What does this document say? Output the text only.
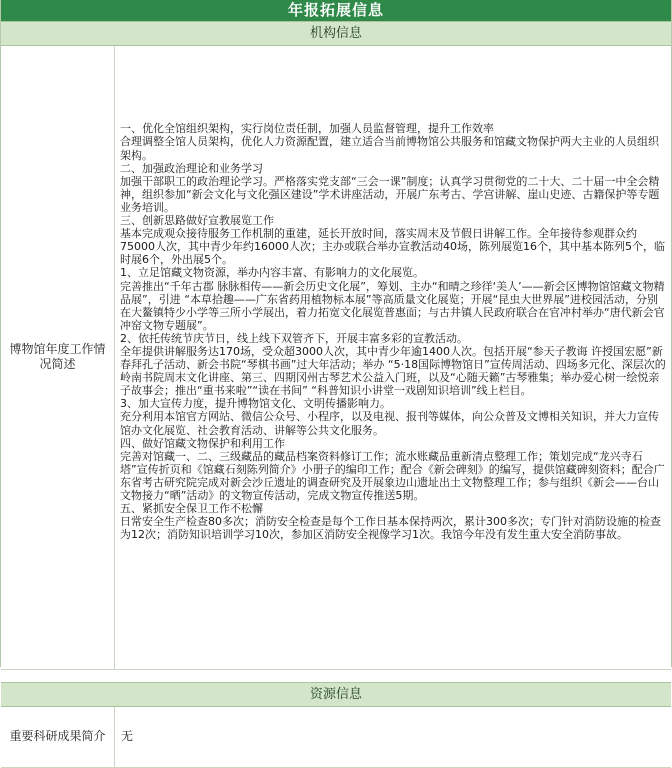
年报拓展信息
机构信息
博物馆年度工作情况简述

一、优化全馆组织架构，实行岗位责任制，加强人员监督管理，提升工作效率
合理调整全馆人员架构，优化人力资源配置，建立适合当前博物馆公共服务和馆藏文物保护两大主业的人员组织架构。
二、加强政治理论和业务学习
加强干部职工的政治理论学习。严格落实党支部“三会一课”制度；认真学习贯彻党的二十大、二十届一中全会精神，组织参加“新会文化与文化强区建设”学术讲座活动，开展广东考古、学宫讲解、崖山史迹、古籍保护等专题业务培训。
三、创新思路做好宣教展览工作
基本完成观众接待服务工作机制的重建，延长开放时间，落实周末及节假日讲解工作。全年接待参观群众约75000人次，其中青少年约16000人次；主办或联合举办宣教活动40场，陈列展览16个，其中基本陈列5个，临时展6个，外出展5个。
1、立足馆藏文物资源，举办内容丰富、有影响力的文化展览。
完善推出“千年古郡 脉脉相传——新会历史文化展”，筹划、主办“和晴之珍徉‘美人’——新会区博物馆馆藏文物精品展”，引进 “本草拾趣——广东省药用植物标本展”等高质量文化展览；开展“昆虫大世界展”进校园活动，分别在大鳌镇特少小学等三所小学展出，着力拓宽文化展览普惠面；与古井镇人民政府联合在官冲村举办“唐代新会官冲窑文物专题展”。
2、依托传统节庆节日，线上线下双管齐下，开展丰富多彩的宣教活动。
全年提供讲解服务达170场，受众超3000人次，其中青少年逾1400人次。包括开展“参天子教诲 许授国宏愿”新春拜孔子活动、新会书院“琴棋书画”过大年活动；举办 “5·18国际博物馆日”宣传周活动、四场多元化、深层次的岭南书院周末文化讲座、第三、四期冈州古琴艺术公益入门班，以及“心随天籁”古琴雅集；举办爱心树一绘悦亲子故事会；推出“重书来啦”“读在书间” “科普知识小讲堂一戏剧知识培训”线上栏目。
3、加大宣传力度，提升博物馆文化、文明传播影响力。
充分利用本馆官方网站、微信公众号、小程序，以及电视、报刊等媒体，向公众普及文博相关知识，并大力宣传馆办文化展览、社会教育活动、讲解等公共文化服务。
四、做好馆藏文物保护和利用工作
完善对馆藏一、二、三级藏品的藏品档案资料修订工作；流水账藏品重新清点整理工作；策划完成“龙兴寺石塔”宣传折页和《馆藏石刻陈列简介》小册子的编印工作；配合《新会碑刻》的编写，提供馆藏碑刻资料；配合广东省考古研究院完成对新会沙丘遗址的调查研究及开展象边山遗址出土文物整理工作；参与组织《新会——台山文物接力“晒”活动》的文物宣传活动，完成文物宣传推送5期。
五、紧抓安全保卫工作不松懈
日常安全生产检查80多次；消防安全检查是每个工作日基本保持两次，累计300多次；专门针对消防设施的检查为12次；消防知识培训学习10次，参加区消防安全视像学习1次。我馆今年没有发生重大安全消防事故。

资源信息
重要科研成果简介	无
